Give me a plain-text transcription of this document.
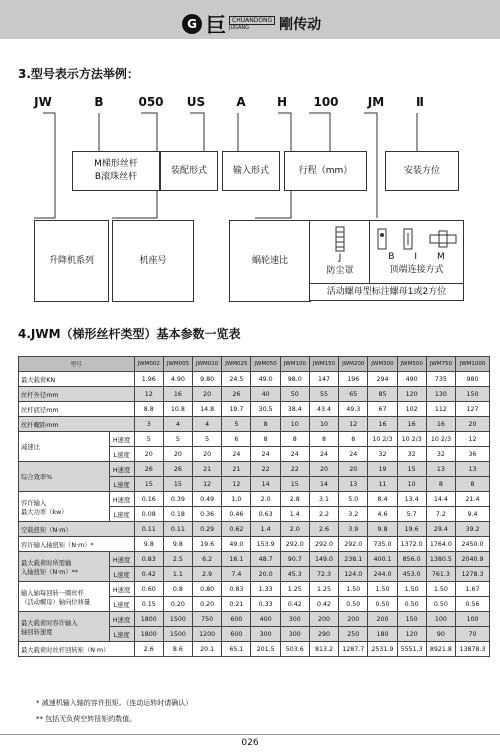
G 巨	CHUANDONG
JUGANG	剛传动
3.型号表示方法举例：
JW	B	050	US	A	H 100	JM	Ⅱ
M梯形丝杆
B滚珠丝杆
装配形式	输入形式	行程（mm）	安装方位
升降机系列	机座号	蜗轮速比	J
防尘罩
B I M
顶端连接方式
活动螺母型标注螺母1或2方位
4.JWM（梯形丝杆类型）基本参数一览表
型号		JWM002	JWM005	JWM010	JWM025	JWM050	JWM100	JWM150	JWM200	JWM300	JWM500	JWM750	JWM1000
最大载荷KN		1.96	4.90	9.80	24.5	49.0	98.0	147	196	294	490	735	980
丝杆外径mm		12	16	20	26	40	50	55	65	85	120	130	150
丝杆底径mm		8.8	10.8	14.8	19.7	30.5	38.4	43.4	49.3	67	102	112	127
丝杆螺距mm		3	4	4	5	8	10	10	12	16	16	16	20
减速比	H速度	5	5	5	6	8	8	8	8	10 2/3	10 2/3	10 2/3	12
	L速度	20	20	20	24	24	24	24	24	32	32	32	36
综合效率%	H速度	26	26	21	21	22	22	20	20	19	15	13	13
	L速度	15	15	12	12	14	15	14	13	11	10	8	8
容许输入
最大功率（kw）	H速度	0.16	0.39	0.49	1.0	2.0	2.8	3.1	5.0	8.4	13.4	14.4	21.4
	L速度	0.08	0.18	0.36	0.46	0.63	1.4	2.2	3.2	4.6	5.7	7.2	9.4
空载扭矩（N·m）		0.11	0.11	0.29	0.62	1.4	2.0	2.6	3.9	9.8	19.6	29.4	39.2
容许输入轴扭矩（N·m）*		9.8	9.8	19.6	49.0	153.9	292.0	292.0	292.0	735.0	1372.0	1764.0	2450.0
最大载荷时所需输
入轴扭矩（N·m）**	H速度	0.83	2.5	6.2	16.1	48.7	90.7	149.0	238.1	400.1	856.0	1380.5	2040.9
	L速度	0.42	1.1	2.9	7.4	20.0	45.3	72.3	124.0	244.0	453.0	761.3	1278.3
输入轴每回转一圈丝杆
（活动螺母）轴向位移量	H速度	0.60	0.8	0.80	0.83	1.33	1.25	1.25	1.50	1.50	1.50	1.50	1.67
	L速度	0.15	0.20	0.20	0.21	0.33	0.42	0.42	0.50	0.50	0.50	0.50	0.56
最大载荷时容许输入
轴回转速度	H速度	1800	1500	750	600	400	300	200	200	200	150	100	100
	L速度	1800	1500	1200	600	300	300	290	250	180	120	90	70
最大载荷时丝杆回转矩（N·m）		2.6	8.6	20.1	65.1	201.5	503.6	813.2	1287.7	2531.9	5551.3	8921.8	13878.3
* 减速机输入轴的容许扭矩。（连动运转时请确认）
** 包括无负荷空转扭矩的数值。
026
